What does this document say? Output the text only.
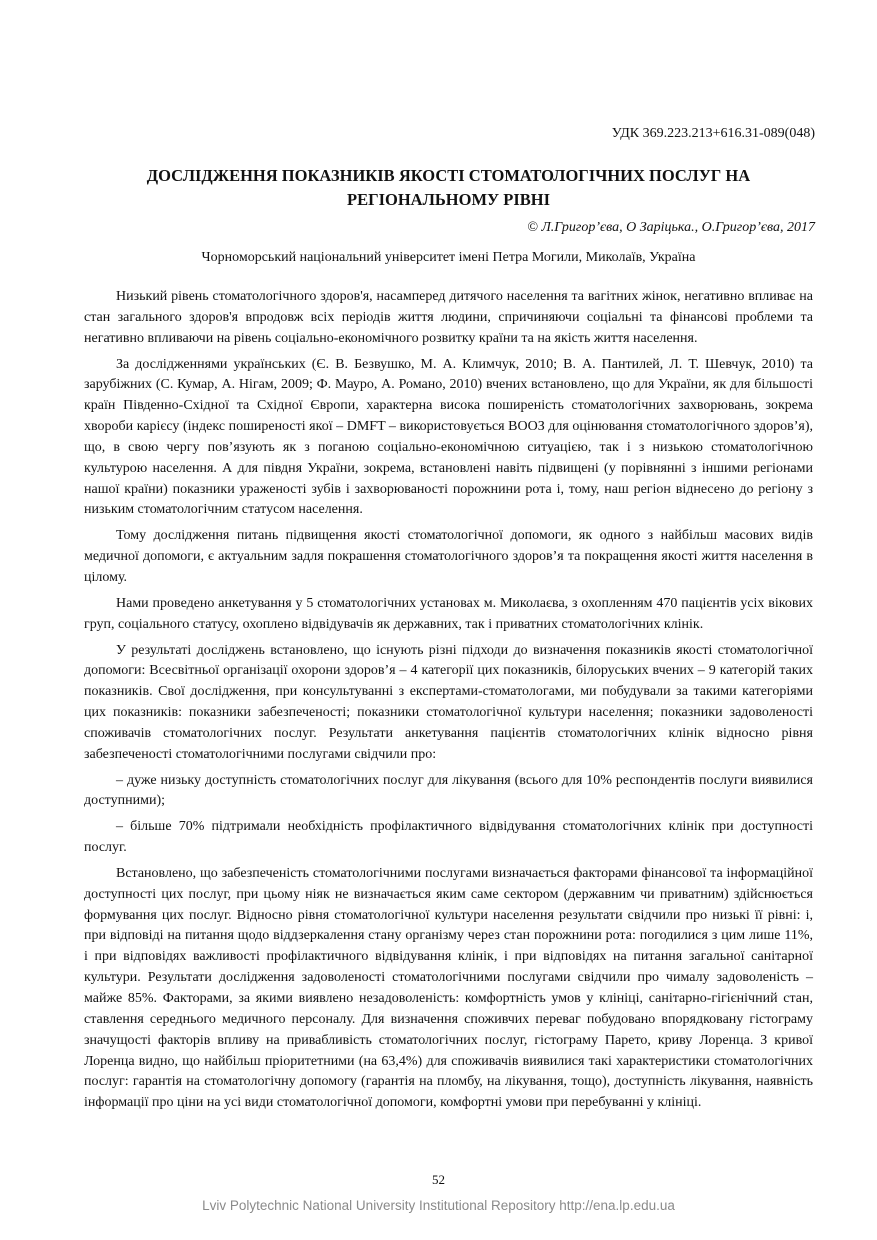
УДК 369.223.213+616.31-089(048)
ДОСЛІДЖЕННЯ ПОКАЗНИКІВ ЯКОСТІ СТОМАТОЛОГІЧНИХ ПОСЛУГ НА РЕГІОНАЛЬНОМУ РІВНІ
© Л.Григор’єва, О Заріцька., О.Григор’єва, 2017
Чорноморський національний університет імені Петра Могили, Миколаїв, Україна

Низький рівень стоматологічного здоров'я, насамперед дитячого населення та вагітних жінок, негативно впливає на стан загального здоров'я впродовж всіх періодів життя людини, спричиняючи соціальні та фінансові проблеми та негативно впливаючи на рівень соціально-економічного розвитку країни та на якість життя населення.

За дослідженнями українських (Є. В. Безвушко, М. А. Климчук, 2010; В. А. Пантилей, Л. Т. Шевчук, 2010) та зарубіжних (С. Кумар, А. Нігам, 2009; Ф. Мауро, А. Романо, 2010) вчених встановлено, що для України, як для більшості країн Південно-Східної та Східної Європи, характерна висока поширеність стоматологічних захворювань, зокрема хвороби карієсу (індекс поширеності якої – DMFT – використовується ВООЗ для оцінювання стоматологічного здоров’я), що, в свою чергу пов’язують як з поганою соціально-економічною ситуацією, так і з низькою стоматологічною культурою населення. А для півдня України, зокрема, встановлені навіть підвищені (у порівнянні з іншими регіонами нашої країни) показники ураженості зубів і захворюваності порожнини рота і, тому, наш регіон віднесено до регіону з низьким стоматологічним статусом населення.

Тому дослідження питань підвищення якості стоматологічної допомоги, як одного з найбільш масових видів медичної допомоги, є актуальним задля покрашення стоматологічного здоров’я та покращення якості життя населення в цілому.

Нами проведено анкетування у 5 стоматологічних установах м. Миколаєва, з охопленням 470 пацієнтів усіх вікових груп, соціального статусу, охоплено відвідувачів як державних, так і приватних стоматологічних клінік.

У результаті досліджень встановлено, що існують різні підходи до визначення показників якості стоматологічної допомоги: Всесвітньої організації охорони здоров’я – 4 категорії цих показників, білоруських вчених – 9 категорій таких показників. Свої дослідження, при консультуванні з експертами-стоматологами, ми побудували за такими категоріями цих показників: показники забезпеченості; показники стоматологічної культури населення; показники задоволеності споживачів стоматологічних послуг. Результати анкетування пацієнтів стоматологічних клінік відносно рівня забезпеченості стоматологічними послугами свідчили про:

– дуже низьку доступність стоматологічних послуг для лікування (всього для 10% респондентів послуги виявилися доступними);

– більше 70% підтримали необхідність профілактичного відвідування стоматологічних клінік при доступності послуг.

Встановлено, що забезпеченість стоматологічними послугами визначається факторами фінансової та інформаційної доступності цих послуг, при цьому ніяк не визначається яким саме сектором (державним чи приватним) здійснюється формування цих послуг. Відносно рівня стоматологічної культури населення результати свідчили про низькі її рівні: і, при відповіді на питання щодо віддзеркалення стану організму через стан порожнини рота: погодилися з цим лише 11%, і при відповідях важливості профілактичного відвідування клінік, і при відповідях на питання загальної санітарної культури. Результати дослідження задоволеності стоматологічними послугами свідчили про чималу задоволеність – майже 85%. Факторами, за якими виявлено незадоволеність: комфортність умов у клініці, санітарно-гігієнічний стан, ставлення середнього медичного персоналу. Для визначення споживчих переваг побудовано впорядковану гістограму значущості факторів впливу на привабливість стоматологічних послуг, гістограму Парето, криву Лоренца. З кривої Лоренца видно, що найбільш пріоритетними (на 63,4%) для споживачів виявилися такі характеристики стоматологічних послуг: гарантія на стоматологічну допомогу (гарантія на пломбу, на лікування, тощо), доступність лікування, наявність інформації про ціни на усі види стоматологічної допомоги, комфортні умови при перебуванні у клініці.

52
Lviv Polytechnic National University Institutional Repository http://ena.lp.edu.ua
